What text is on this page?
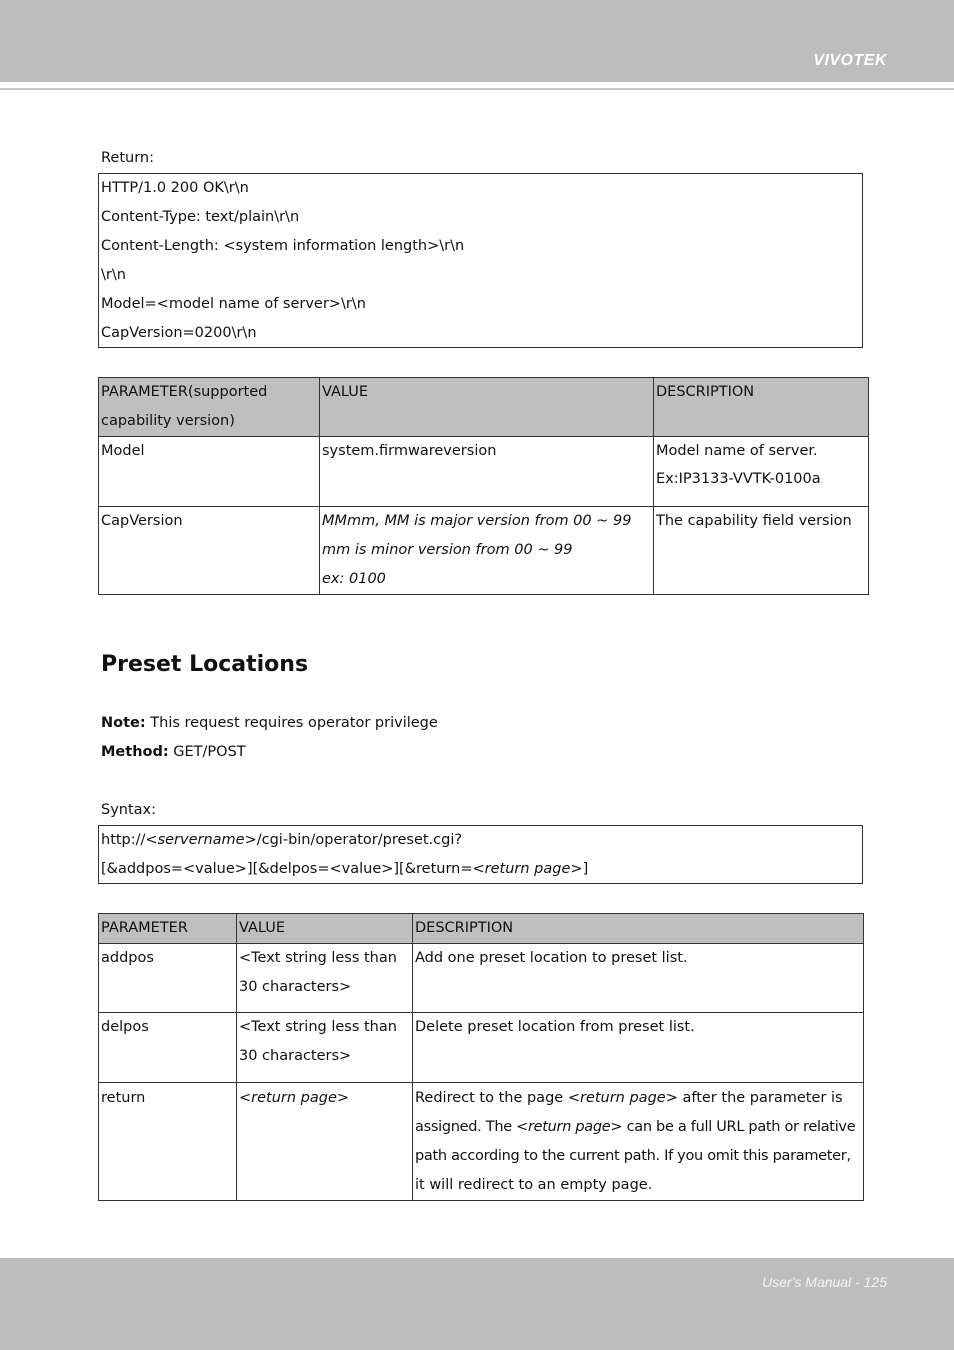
VIVOTEK
Return:
HTTP/1.0 200 OK\r\n
Content-Type: text/plain\r\n
Content-Length: <system information length>\r\n
\r\n
Model=<model name of server>\r\n
CapVersion=0200\r\n
PARAMETER(supported
capability version)	VALUE	DESCRIPTION
Model	system.firmwareversion	Model name of server.
Ex:IP3133-VVTK-0100a

CapVersion	MMmm, MM is major version from 00 ~ 99
mm is minor version from 00 ~ 99
ex: 0100	The capability field version
Preset Locations
Note: This request requires operator privilege
Method: GET/POST
Syntax:
http://<servername>/cgi-bin/operator/preset.cgi?
[&addpos=<value>][&delpos=<value>][&return=<return page>]
PARAMETER	VALUE	DESCRIPTION
addpos	<Text string less than
30 characters>	Add one preset location to preset list.
delpos	<Text string less than
30 characters>	Delete preset location from preset list.
return	<return page>	Redirect to the page <return page> after the parameter is
assigned. The <return page> can be a full URL path or relative
path according to the current path. If you omit this parameter,
it will redirect to an empty page.
User's Manual - 125
